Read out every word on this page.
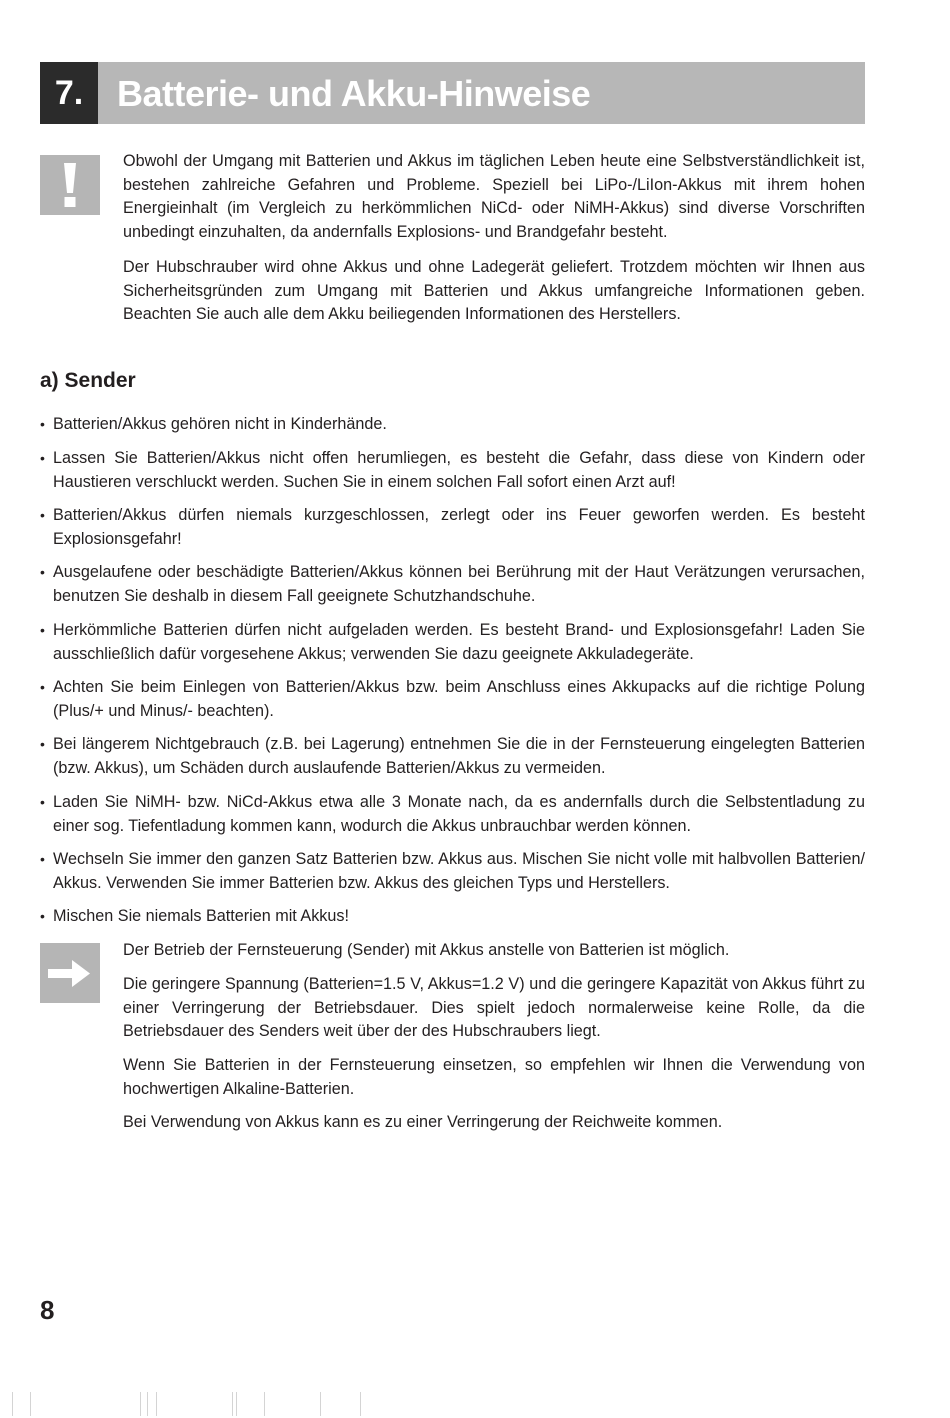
7. Batterie- und Akku-Hinweise

Obwohl der Umgang mit Batterien und Akkus im täglichen Leben heute eine Selbstverständlichkeit ist, bestehen zahlreiche Gefahren und Probleme. Speziell bei LiPo-/LiIon-Akkus mit ihrem hohen Energieinhalt (im Vergleich zu herkömmlichen NiCd- oder NiMH-Akkus) sind diverse Vorschriften unbedingt einzuhalten, da andernfalls Explosions- und Brandgefahr besteht.

Der Hubschrauber wird ohne Akkus und ohne Ladegerät geliefert. Trotzdem möchten wir Ihnen aus Sicherheitsgründen zum Umgang mit Batterien und Akkus umfangreiche Informationen geben. Beachten Sie auch alle dem Akku beiliegenden Informationen des Herstellers.

a) Sender
• Batterien/Akkus gehören nicht in Kinderhände.
• Lassen Sie Batterien/Akkus nicht offen herumliegen, es besteht die Gefahr, dass diese von Kindern oder Haustieren verschluckt werden. Suchen Sie in einem solchen Fall sofort einen Arzt auf!
• Batterien/Akkus dürfen niemals kurzgeschlossen, zerlegt oder ins Feuer geworfen werden. Es besteht Explosionsgefahr!
• Ausgelaufene oder beschädigte Batterien/Akkus können bei Berührung mit der Haut Verätzungen verursachen, benutzen Sie deshalb in diesem Fall geeignete Schutzhandschuhe.
• Herkömmliche Batterien dürfen nicht aufgeladen werden. Es besteht Brand- und Explosionsgefahr! Laden Sie ausschließlich dafür vorgesehene Akkus; verwenden Sie dazu geeignete Akkuladegeräte.
• Achten Sie beim Einlegen von Batterien/Akkus bzw. beim Anschluss eines Akkupacks auf die richtige Polung (Plus/+ und Minus/- beachten).
• Bei längerem Nichtgebrauch (z.B. bei Lagerung) entnehmen Sie die in der Fernsteuerung eingelegten Batterien (bzw. Akkus), um Schäden durch auslaufende Batterien/Akkus zu vermeiden.
• Laden Sie NiMH- bzw. NiCd-Akkus etwa alle 3 Monate nach, da es andernfalls durch die Selbstentladung zu einer sog. Tiefentladung kommen kann, wodurch die Akkus unbrauchbar werden können.
• Wechseln Sie immer den ganzen Satz Batterien bzw. Akkus aus. Mischen Sie nicht volle mit halbvollen Batterien/ Akkus. Verwenden Sie immer Batterien bzw. Akkus des gleichen Typs und Herstellers.
• Mischen Sie niemals Batterien mit Akkus!

Der Betrieb der Fernsteuerung (Sender) mit Akkus anstelle von Batterien ist möglich.

Die geringere Spannung (Batterien=1.5 V, Akkus=1.2 V) und die geringere Kapazität von Akkus führt zu einer Verringerung der Betriebsdauer. Dies spielt jedoch normalerweise keine Rolle, da die Betriebsdauer des Senders weit über der des Hubschraubers liegt.

Wenn Sie Batterien in der Fernsteuerung einsetzen, so empfehlen wir Ihnen die Verwendung von hochwertigen Alkaline-Batterien.

Bei Verwendung von Akkus kann es zu einer Verringerung der Reichweite kommen.

8
